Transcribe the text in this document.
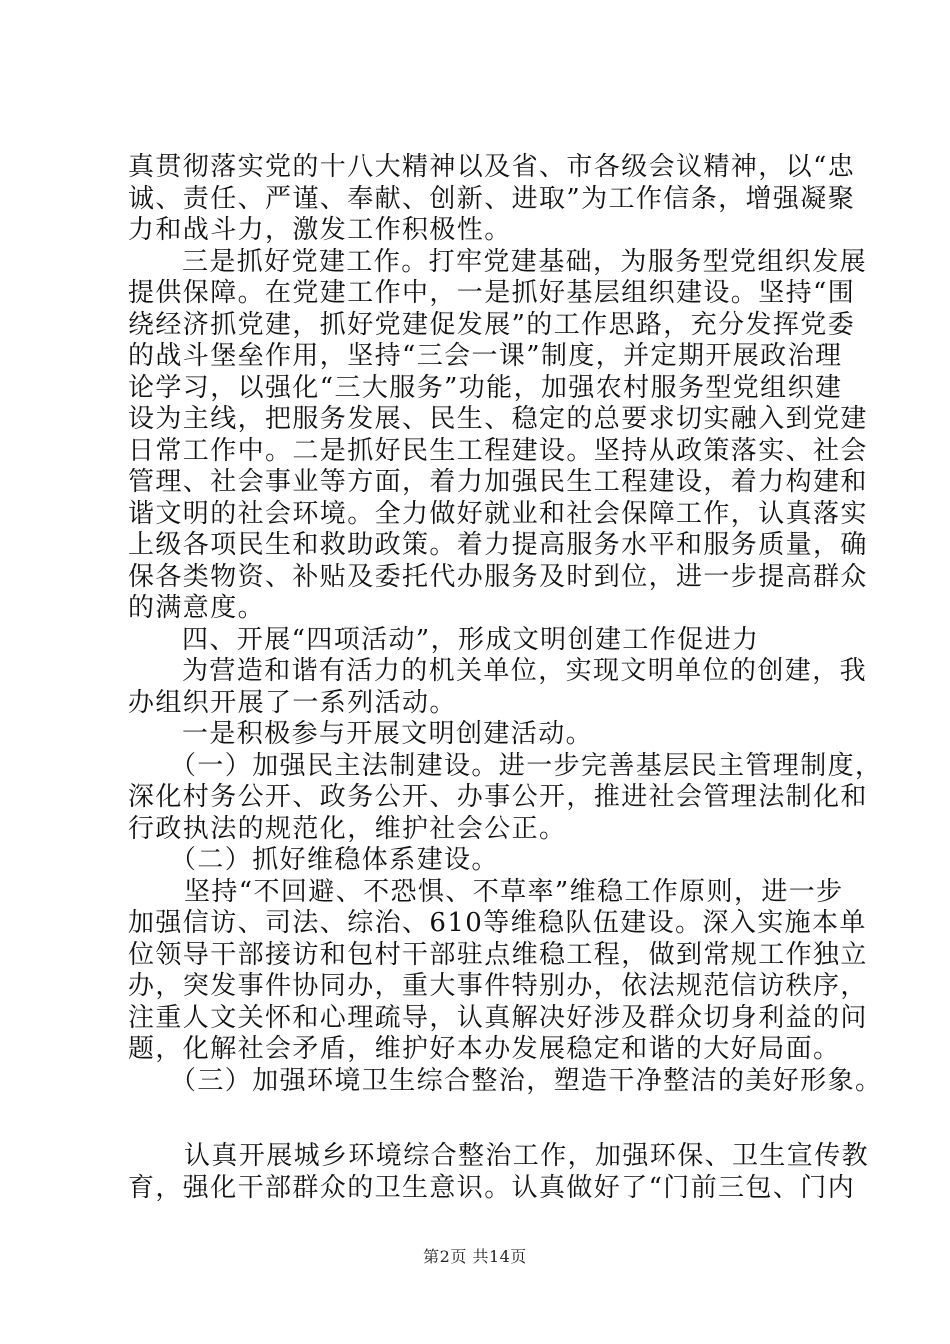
真贯彻落实党的十八大精神以及省、市各级会议精神，以“忠
诚、责任、严谨、奉献、创新、进取”为工作信条，增强凝聚
力和战斗力，激发工作积极性。
三是抓好党建工作。打牢党建基础，为服务型党组织发展
提供保障。在党建工作中，一是抓好基层组织建设。坚持“围
绕经济抓党建，抓好党建促发展”的工作思路，充分发挥党委
的战斗堡垒作用，坚持“三会一课”制度，并定期开展政治理
论学习，以强化“三大服务”功能，加强农村服务型党组织建
设为主线，把服务发展、民生、稳定的总要求切实融入到党建
日常工作中。二是抓好民生工程建设。坚持从政策落实、社会
管理、社会事业等方面，着力加强民生工程建设，着力构建和
谐文明的社会环境。全力做好就业和社会保障工作，认真落实
上级各项民生和救助政策。着力提高服务水平和服务质量，确
保各类物资、补贴及委托代办服务及时到位，进一步提高群众
的满意度。
四、开展“四项活动”，形成文明创建工作促进力
为营造和谐有活力的机关单位，实现文明单位的创建，我
办组织开展了一系列活动。
一是积极参与开展文明创建活动。
（一）加强民主法制建设。进一步完善基层民主管理制度，
深化村务公开、政务公开、办事公开，推进社会管理法制化和
行政执法的规范化，维护社会公正。
（二）抓好维稳体系建设。
坚持“不回避、不恐惧、不草率”维稳工作原则，进一步
加强信访、司法、综治、610等维稳队伍建设。深入实施本单
位领导干部接访和包村干部驻点维稳工程，做到常规工作独立
办，突发事件协同办，重大事件特别办，依法规范信访秩序，
注重人文关怀和心理疏导，认真解决好涉及群众切身利益的问
题，化解社会矛盾，维护好本办发展稳定和谐的大好局面。
（三）加强环境卫生综合整治，塑造干净整洁的美好形象。
认真开展城乡环境综合整治工作，加强环保、卫生宣传教
育，强化干部群众的卫生意识。认真做好了“门前三包、门内
第2页 共14页
